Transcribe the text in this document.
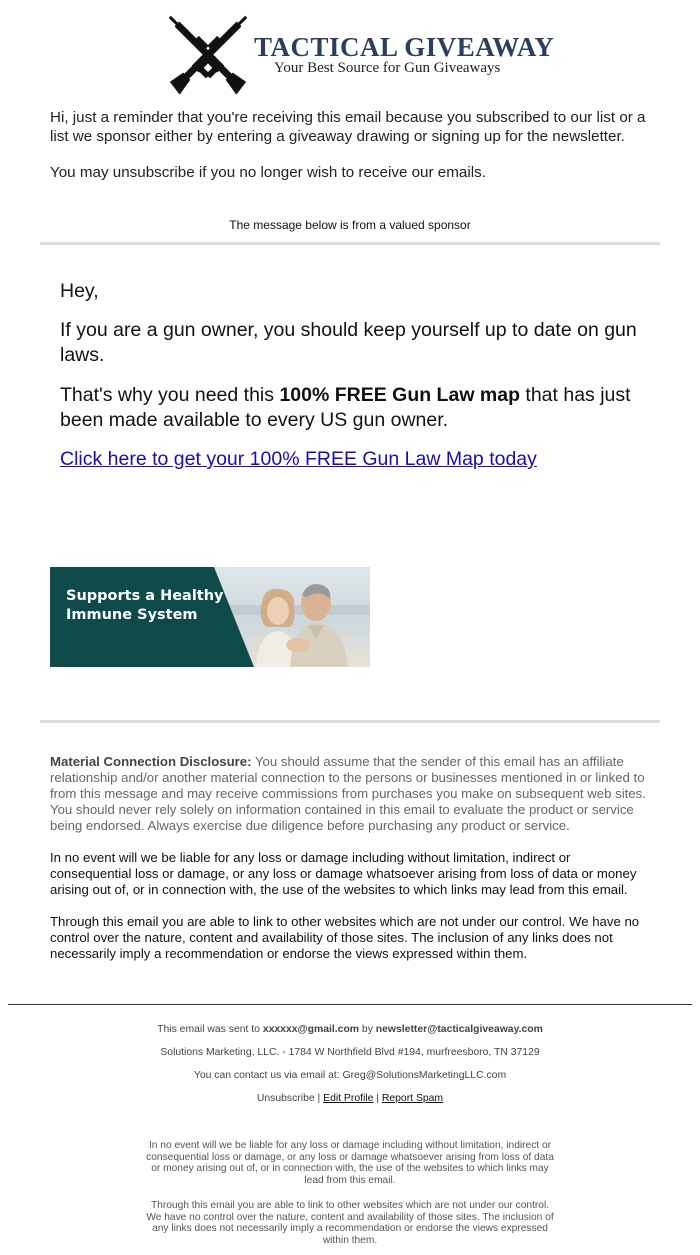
TACTICAL GIVEAWAY
Your Best Source for Gun Giveaways

Hi, just a reminder that you're receiving this email because you subscribed to our list or a list we sponsor either by entering a giveaway drawing or signing up for the newsletter.

You may unsubscribe if you no longer wish to receive our emails.

The message below is from a valued sponsor
Hey,
If you are a gun owner, you should keep yourself up to date on gun laws.
That's why you need this 100% FREE Gun Law map that has just been made available to every US gun owner.
Click here to get your 100% FREE Gun Law Map today
Supports a Healthy Immune System

Material Connection Disclosure: You should assume that the sender of this email has an affiliate relationship and/or another material connection to the persons or businesses mentioned in or linked to from this message and may receive commissions from purchases you make on subsequent web sites. You should never rely solely on information contained in this email to evaluate the product or service being endorsed. Always exercise due diligence before purchasing any product or service.

In no event will we be liable for any loss or damage including without limitation, indirect or consequential loss or damage, or any loss or damage whatsoever arising from loss of data or money arising out of, or in connection with, the use of the websites to which links may lead from this email.

Through this email you are able to link to other websites which are not under our control. We have no control over the nature, content and availability of those sites. The inclusion of any links does not necessarily imply a recommendation or endorse the views expressed within them.

This email was sent to xxxxxx@gmail.com by newsletter@tacticalgiveaway.com
Solutions Marketing, LLC. - 1784 W Northfield Blvd #194, murfreesboro, TN 37129
You can contact us via email at: Greg@SolutionsMarketingLLC.com
Unsubscribe | Edit Profile | Report Spam
In no event will we be liable for any loss or damage including without limitation, indirect or consequential loss or damage, or any loss or damage whatsoever arising from loss of data or money arising out of, or in connection with, the use of the websites to which links may lead from this email.
Through this email you are able to link to other websites which are not under our control. We have no control over the nature, content and availability of those sites. The inclusion of any links does not necessarily imply a recommendation or endorse the views expressed within them.
